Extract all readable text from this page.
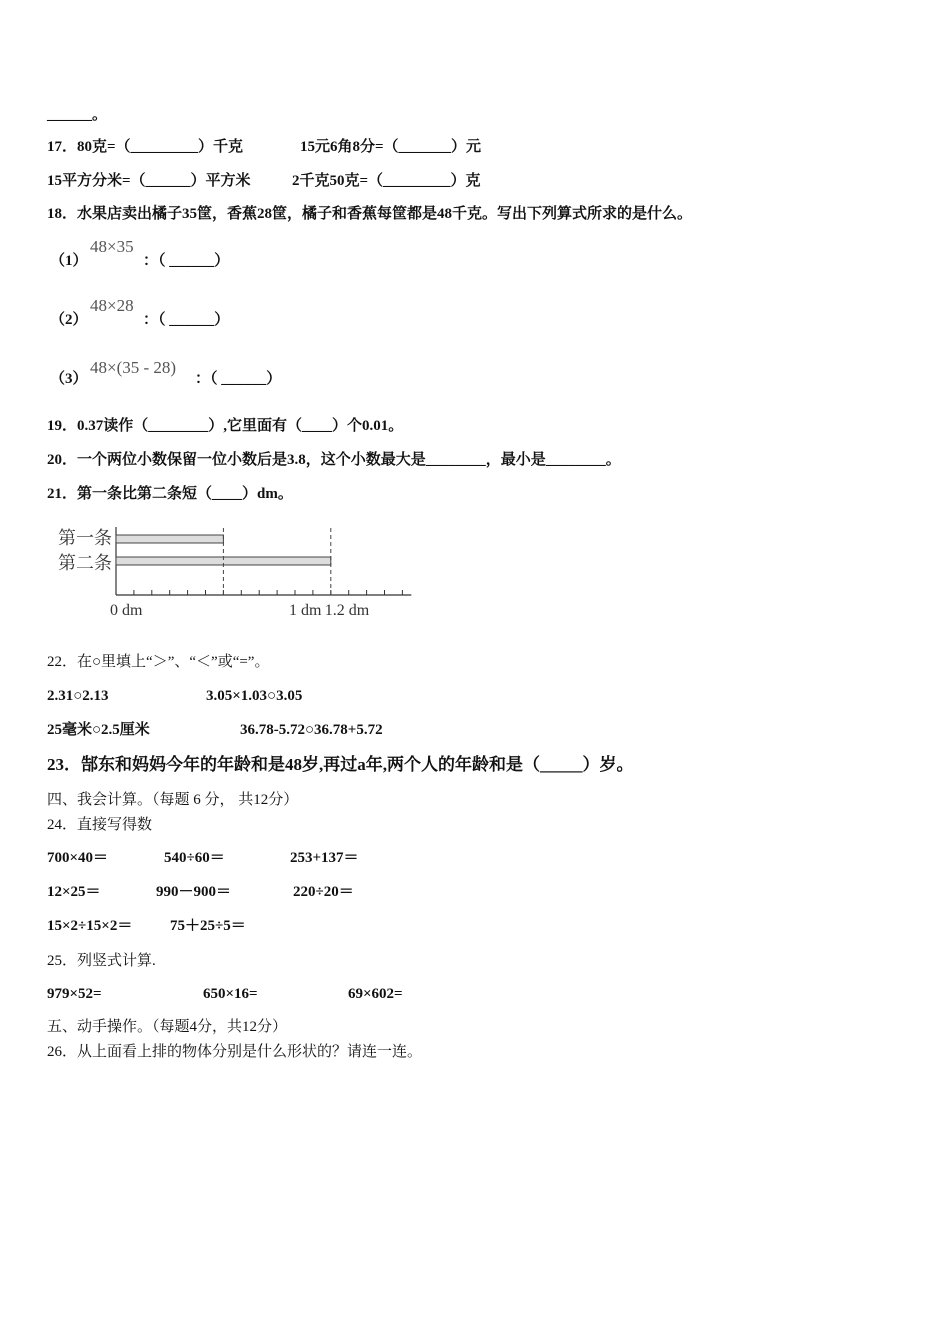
______。
17．80克=（_________）千克	15元6角8分=（_______）元
15平方分米=（______）平方米	2千克50克=（_________）克
18．水果店卖出橘子35筐，香蕉28筐，橘子和香蕉每筐都是48千克。写出下列算式所求的是什么。
（1）
48×35
：（ ______）
（2）
48×28
：（ ______）
（3）
48×(35 - 28)
：（ ______）
19．0.37读作（________）,它里面有（____）个0.01。
20．一个两位小数保留一位小数后是3.8，这个小数最大是________，最小是________。
21．第一条比第二条短（____）dm。
第一条
第二条
0 dm	1 dm 1.2 dm
22．在○里填上“＞”、“＜”或“=”。
2.31○2.13	3.05×1.03○3.05
25毫米○2.5厘米	36.78-5.72○36.78+5.72
23．郜东和妈妈今年的年龄和是48岁,再过a年,两个人的年龄和是（_____）岁。
四、我会计算。（每题 6 分， 共12分）
24．直接写得数
700×40＝	540÷60＝	253+137＝
12×25＝	990－900＝	220÷20＝
15×2÷15×2＝	75＋25÷5＝
25．列竖式计算.
979×52=	650×16=	69×602=
五、动手操作。（每题4分，共12分）
26．从上面看上排的物体分别是什么形状的？请连一连。
